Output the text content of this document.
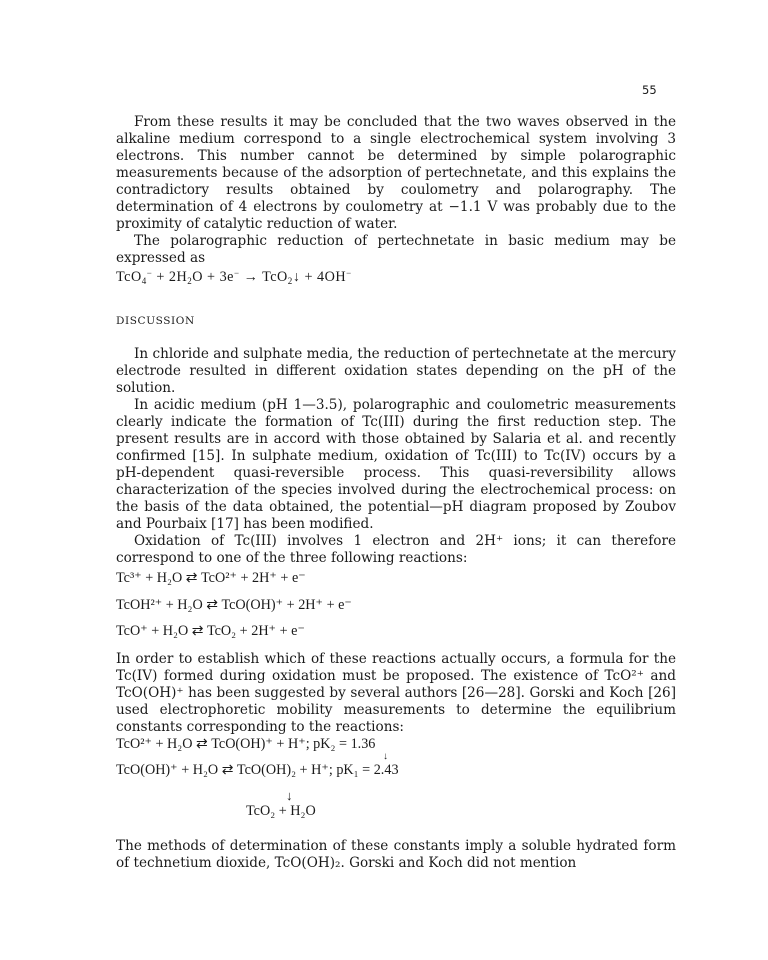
55

From these results it may be concluded that the two waves observed in the alkaline medium correspond to a single electrochemical system involving 3 electrons. This number cannot be determined by simple polarographic measurements because of the adsorption of pertechnetate, and this explains the contradictory results obtained by coulometry and polarography. The determination of 4 electrons by coulometry at −1.1 V was probably due to the proximity of catalytic reduction of water.

The polarographic reduction of pertechnetate in basic medium may be expressed as

$TcO_4^- + 2H_2O + 3e^-$ → TcO$_2$↓ + 4OH−
DISCUSSION

In chloride and sulphate media, the reduction of pertechnetate at the mercury electrode resulted in different oxidation states depending on the pH of the solution.

In acidic medium (pH 1—3.5), polarographic and coulometric measurements clearly indicate the formation of Tc(III) during the first reduction step. The present results are in accord with those obtained by Salaria et al. and recently confirmed [15]. In sulphate medium, oxidation of Tc(III) to Tc(IV) occurs by a pH-dependent quasi-reversible process. This quasi-reversibility allows characterization of the species involved during the electrochemical process: on the basis of the data obtained, the potential—pH diagram proposed by Zoubov and Pourbaix [17] has been modified.

Oxidation of Tc(III) involves 1 electron and 2H⁺ ions; it can therefore correspond to one of the three following reactions:

Tc³⁺ + H₂O ⇄ TcO²⁺ + 2H⁺ + e⁻
TcOH²⁺ + H₂O ⇄ TcO(OH)⁺ + 2H⁺ + e⁻
TcO⁺ + H₂O ⇄ TcO₂ + 2H⁺ + e⁻

In order to establish which of these reactions actually occurs, a formula for the Tc(IV) formed during oxidation must be proposed. The existence of TcO²⁺ and TcO(OH)⁺ has been suggested by several authors [26—28]. Gorski and Koch [26] used electrophoretic mobility measurements to determine the equilibrium constants corresponding to the reactions:

TcO²⁺ + H₂O ⇄ TcO(OH)⁺ + H⁺; pK₂ = 1.36
↓
TcO(OH)⁺ + H₂O ⇄ TcO(OH)₂ + H⁺; pK₁ = 2.43
↓
TcO₂ + H₂O

The methods of determination of these constants imply a soluble hydrated form of technetium dioxide, TcO(OH)₂. Gorski and Koch did not mention
